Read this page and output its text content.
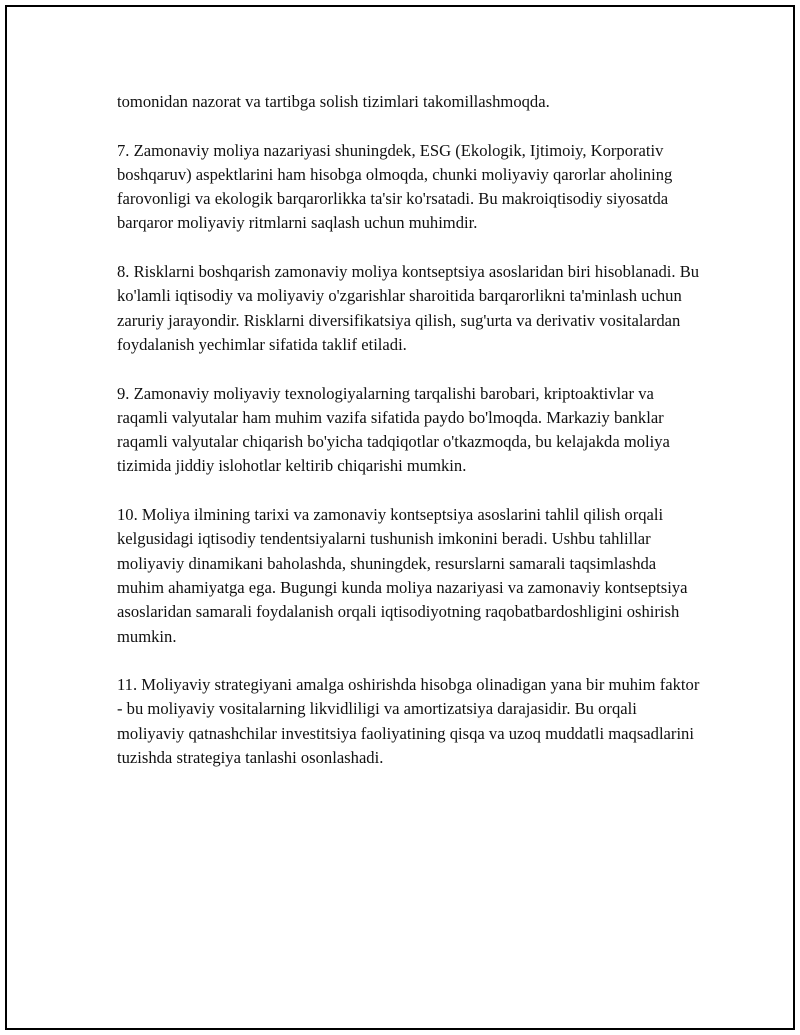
tomonidan nazorat va tartibga solish tizimlari takomillashmoqda.

7. Zamonaviy moliya nazariyasi shuningdek, ESG (Ekologik, Ijtimoiy, Korporativ boshqaruv) aspektlarini ham hisobga olmoqda, chunki moliyaviy qarorlar aholining farovonligi va ekologik barqarorlikka ta'sir ko'rsatadi. Bu makroiqtisodiy siyosatda barqaror moliyaviy ritmlarni saqlash uchun muhimdir.

8. Risklarni boshqarish zamonaviy moliya kontseptsiya asoslaridan biri hisoblanadi. Bu ko'lamli iqtisodiy va moliyaviy o'zgarishlar sharoitida barqarorlikni ta'minlash uchun zaruriy jarayondir. Risklarni diversifikatsiya qilish, sug'urta va derivativ vositalardan foydalanish yechimlar sifatida taklif etiladi.

9. Zamonaviy moliyaviy texnologiyalarning tarqalishi barobari, kriptoaktivlar va raqamli valyutalar ham muhim vazifa sifatida paydo bo'lmoqda. Markaziy banklar raqamli valyutalar chiqarish bo'yicha tadqiqotlar o'tkazmoqda, bu kelajakda moliya tizimida jiddiy islohotlar keltirib chiqarishi mumkin.

10. Moliya ilmining tarixi va zamonaviy kontseptsiya asoslarini tahlil qilish orqali kelgusidagi iqtisodiy tendentsiyalarni tushunish imkonini beradi. Ushbu tahlillar moliyaviy dinamikani baholashda, shuningdek, resurslarni samarali taqsimlashda muhim ahamiyatga ega. Bugungi kunda moliya nazariyasi va zamonaviy kontseptsiya asoslaridan samarali foydalanish orqali iqtisodiyotning raqobatbardoshligini oshirish mumkin.

11. Moliyaviy strategiyani amalga oshirishda hisobga olinadigan yana bir muhim faktor - bu moliyaviy vositalarning likvidliligi va amortizatsiya darajasidir. Bu orqali moliyaviy qatnashchilar investitsiya faoliyatining qisqa va uzoq muddatli maqsadlarini tuzishda strategiya tanlashi osonlashadi.
